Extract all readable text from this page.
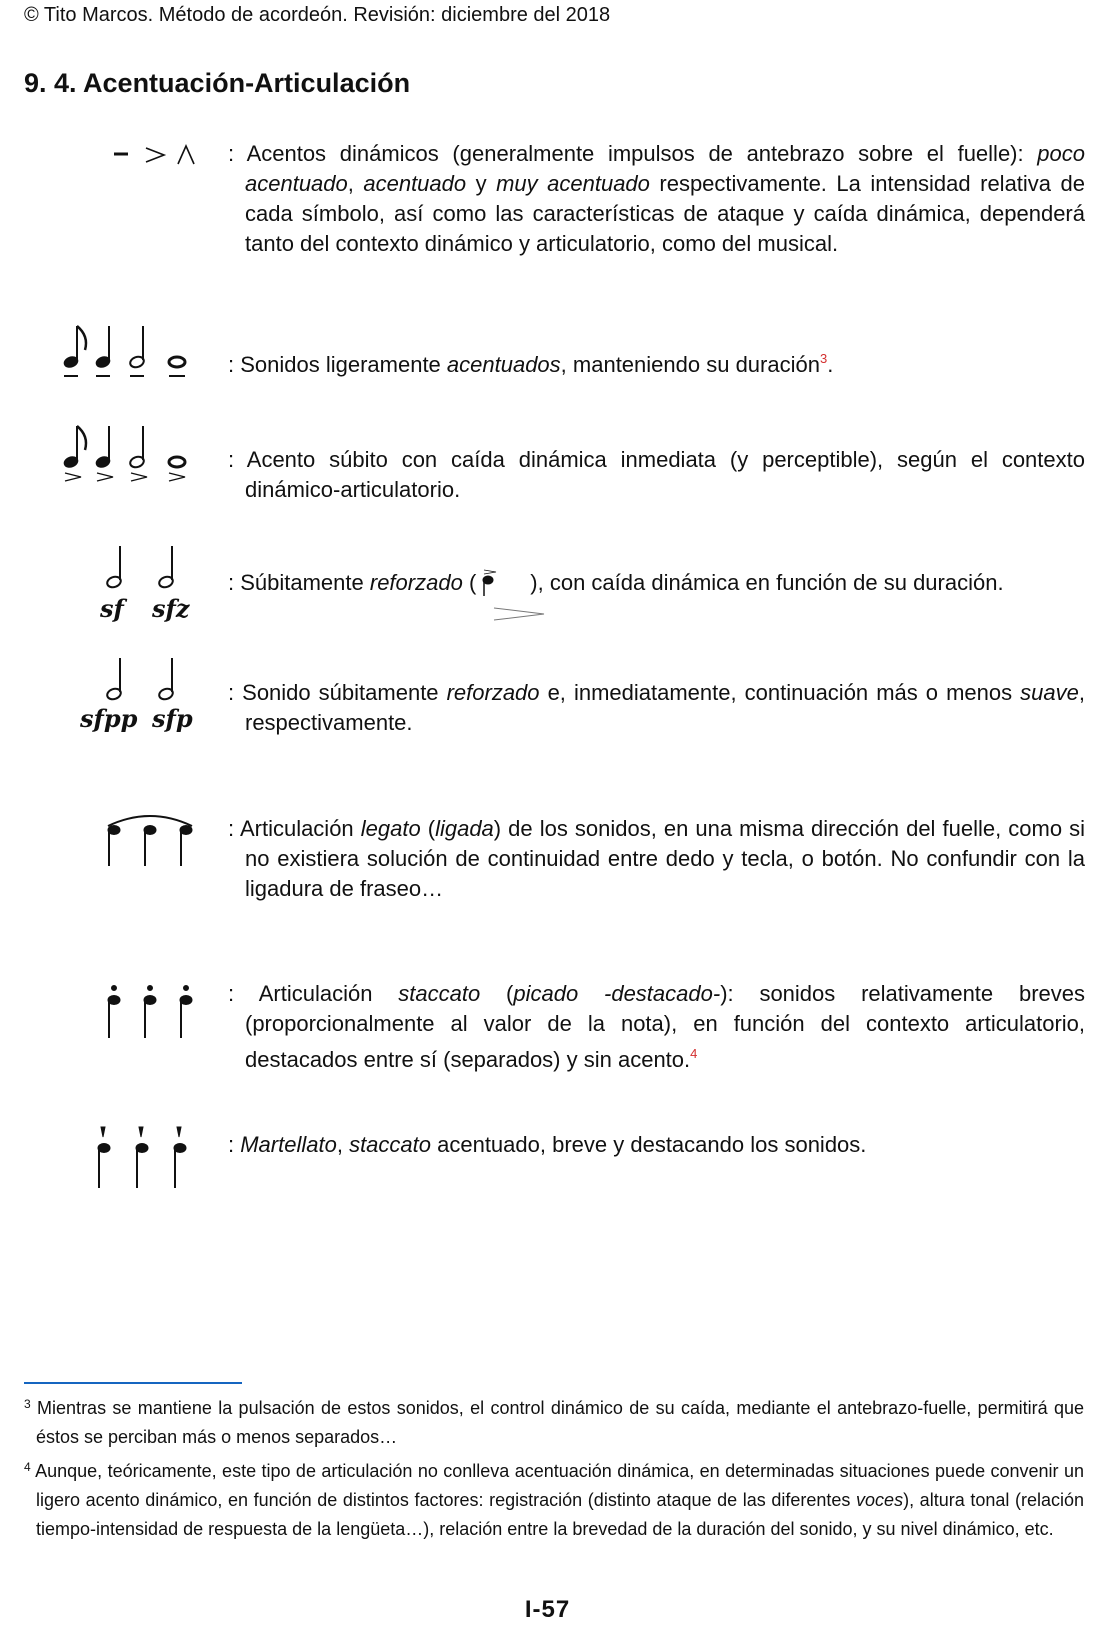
© Tito Marcos. Método de acordeón. Revisión: diciembre del 2018
9. 4. Acentuación-Articulación
: Acentos dinámicos (generalmente impulsos de antebrazo sobre el fuelle): poco acentuado, acentuado y muy acentuado respectivamente. La intensidad relativa de cada símbolo, así como las características de ataque y caída dinámica, dependerá tanto del contexto dinámico y articulatorio, como del musical.
: Sonidos ligeramente acentuados, manteniendo su duración$^3$.
: Acento súbito con caída dinámica inmediata (y perceptible), según el contexto dinámico-articulatorio.
sf sfz
: Súbitamente reforzado ( ), con caída dinámica en función de su duración.
sfpp sfp
: Sonido súbitamente reforzado e, inmediatamente, continuación más o menos suave, respectivamente.
: Articulación legato (ligada) de los sonidos, en una misma dirección del fuelle, como si no existiera solución de continuidad entre dedo y tecla, o botón. No confundir con la ligadura de fraseo…
: Articulación staccato (picado -destacado-): sonidos relativamente breves (proporcionalmente al valor de la nota), en función del contexto articulatorio, destacados entre sí (separados) y sin acento.$^4$
: Martellato, staccato acentuado, breve y destacando los sonidos.
$^3$ Mientras se mantiene la pulsación de estos sonidos, el control dinámico de su caída, mediante el antebrazo-fuelle, permitirá que éstos se perciban más o menos separados…
$^4$ Aunque, teóricamente, este tipo de articulación no conlleva acentuación dinámica, en determinadas situaciones puede convenir un ligero acento dinámico, en función de distintos factores: registración (distinto ataque de las diferentes voces), altura tonal (relación tiempo-intensidad de respuesta de la lengüeta…), relación entre la brevedad de la duración del sonido, y su nivel dinámico, etc.
I-57
